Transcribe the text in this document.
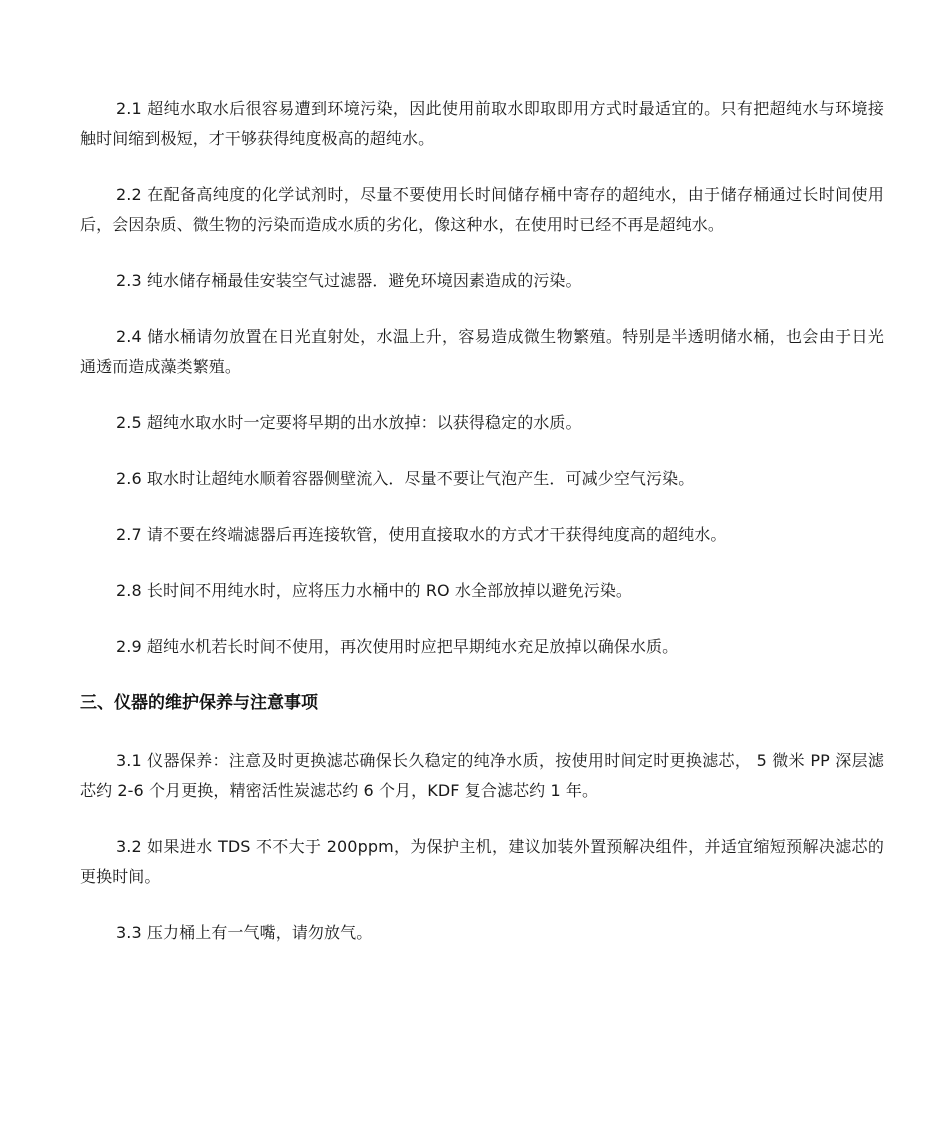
2.1 超纯水取水后很容易遭到环境污染，因此使用前取水即取即用方式时最适宜的。只有把超纯水与环境接触时间缩到极短，才干够获得纯度极高的超纯水。

2.2 在配备高纯度的化学试剂时，尽量不要使用长时间储存桶中寄存的超纯水，由于储存桶通过长时间使用后，会因杂质、微生物的污染而造成水质的劣化，像这种水，在使用时已经不再是超纯水。

2.3 纯水储存桶最佳安装空气过滤器．避免环境因素造成的污染。

2.4 储水桶请勿放置在日光直射处，水温上升，容易造成微生物繁殖。特别是半透明储水桶，也会由于日光通透而造成藻类繁殖。

2.5 超纯水取水时一定要将早期的出水放掉：以获得稳定的水质。

2.6 取水时让超纯水顺着容器侧壁流入．尽量不要让气泡产生．可减少空气污染。

2.7 请不要在终端滤器后再连接软管，使用直接取水的方式才干获得纯度高的超纯水。

2.8 长时间不用纯水时，应将压力水桶中的 RO 水全部放掉以避免污染。

2.9 超纯水机若长时间不使用，再次使用时应把早期纯水充足放掉以确保水质。

三、仪器的维护保养与注意事项

3.1 仪器保养：注意及时更换滤芯确保长久稳定的纯净水质，按使用时间定时更换滤芯， 5 微米 PP 深层滤芯约 2-6 个月更换，精密活性炭滤芯约 6 个月，KDF 复合滤芯约 1 年。

3.2 如果进水 TDS 不不大于 200ppm，为保护主机，建议加装外置预解决组件，并适宜缩短预解决滤芯的更换时间。

3.3 压力桶上有一气嘴，请勿放气。
